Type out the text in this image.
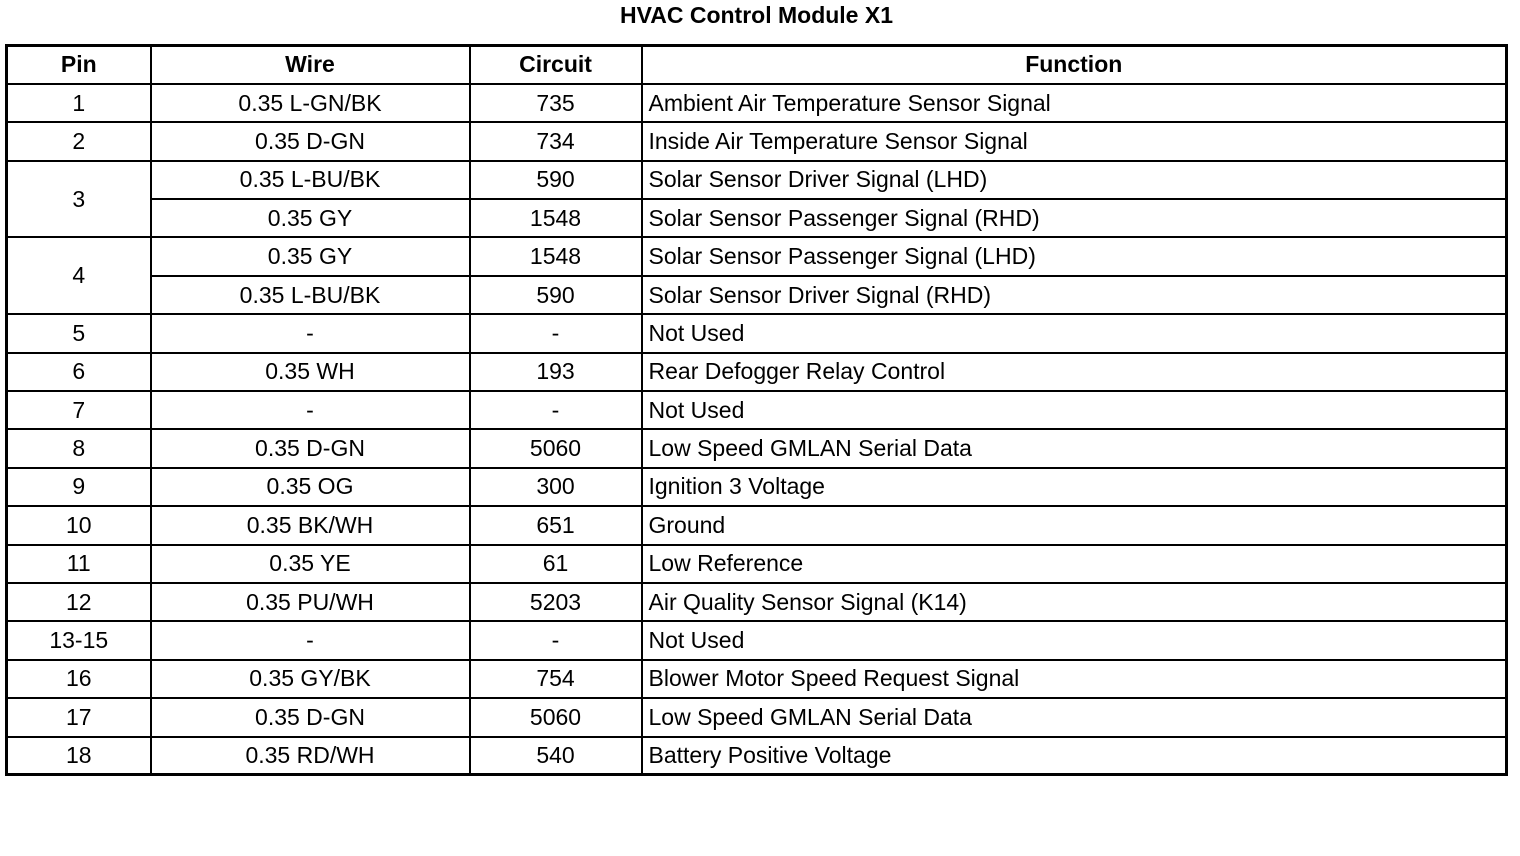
HVAC Control Module X1
Pin	Wire	Circuit	Function
1	0.35 L-GN/BK	735	Ambient Air Temperature Sensor Signal
2	0.35 D-GN	734	Inside Air Temperature Sensor Signal
3	0.35 L-BU/BK	590	Solar Sensor Driver Signal (LHD)
	0.35 GY	1548	Solar Sensor Passenger Signal (RHD)
4	0.35 GY	1548	Solar Sensor Passenger Signal (LHD)
	0.35 L-BU/BK	590	Solar Sensor Driver Signal (RHD)
5	-	-	Not Used
6	0.35 WH	193	Rear Defogger Relay Control
7	-	-	Not Used
8	0.35 D-GN	5060	Low Speed GMLAN Serial Data
9	0.35 OG	300	Ignition 3 Voltage
10	0.35 BK/WH	651	Ground
11	0.35 YE	61	Low Reference
12	0.35 PU/WH	5203	Air Quality Sensor Signal (K14)
13-15	-	-	Not Used
16	0.35 GY/BK	754	Blower Motor Speed Request Signal
17	0.35 D-GN	5060	Low Speed GMLAN Serial Data
18	0.35 RD/WH	540	Battery Positive Voltage
